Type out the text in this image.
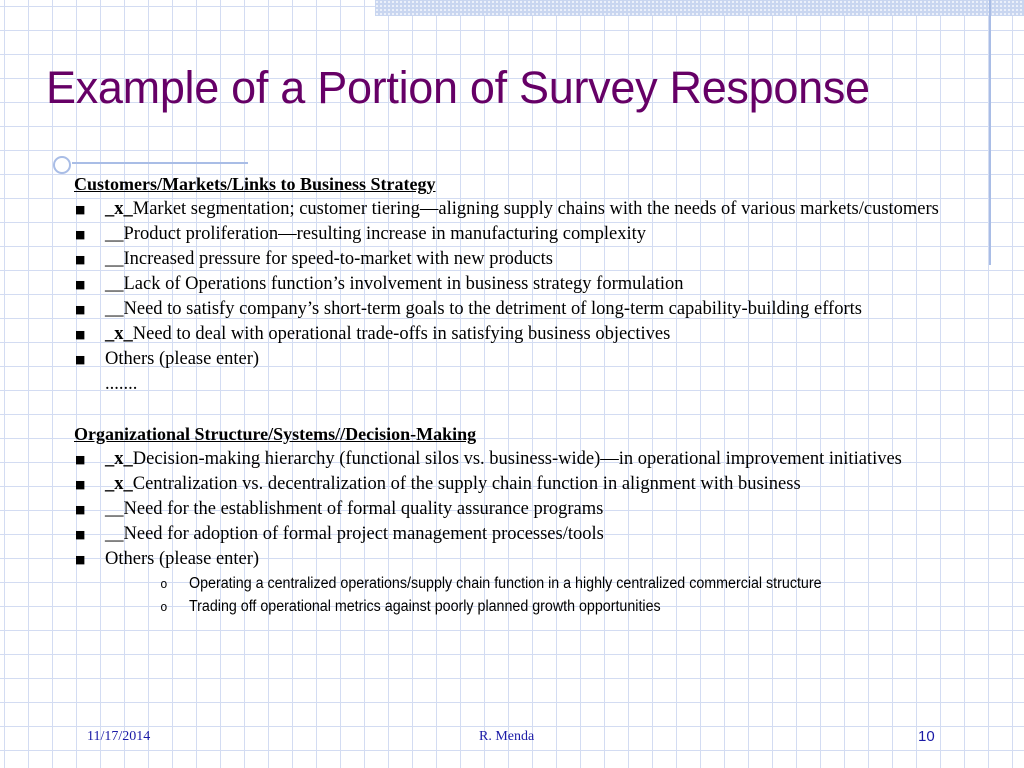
Example of a Portion of Survey Response

Customers/Markets/Links to Business Strategy

■
_x_Market segmentation; customer tiering—aligning supply chains with the needs of various markets/customers
■
__Product proliferation—resulting increase in manufacturing complexity
■
__Increased pressure for speed-to-market with new products
■
__Lack of Operations function’s involvement in business strategy formulation
■
__Need to satisfy company’s short-term goals to the detriment of long-term capability-building efforts
■
_x_Need to deal with operational trade-offs in satisfying business objectives
■
Others (please enter)
.......

Organizational Structure/Systems//Decision-Making

■
_x_Decision-making hierarchy (functional silos vs. business-wide)—in operational improvement initiatives
■
_x_Centralization vs. decentralization of the supply chain function in alignment with business
■
__Need for the establishment of formal quality assurance programs
■
__Need for adoption of formal project management processes/tools
■
Others (please enter)
o Operating a centralized operations/supply chain function in a highly centralized commercial structure
o Trading off operational metrics against poorly planned growth opportunities
11/17/2014	R. Menda	10
